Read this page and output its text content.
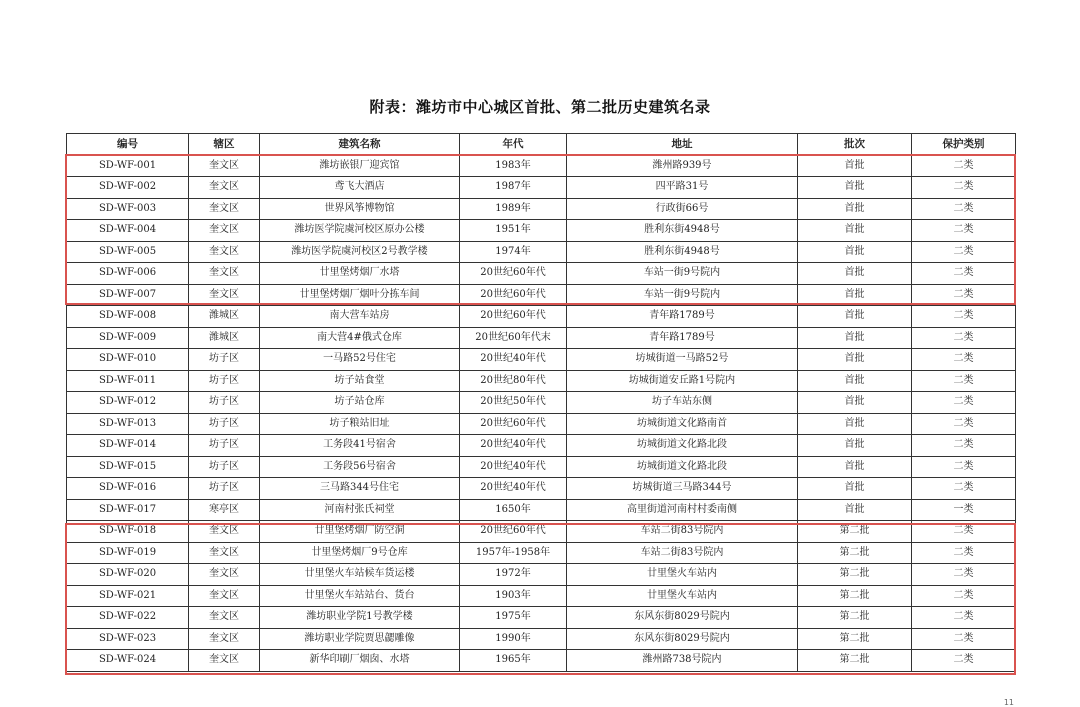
附表：潍坊市中心城区首批、第二批历史建筑名录
编号	辖区	建筑名称	年代	地址	批次	保护类别
SD-WF-001	奎文区	潍坊嵌银厂迎宾馆	1983年	潍州路939号	首批	二类
SD-WF-002	奎文区	鸢飞大酒店	1987年	四平路31号	首批	二类
SD-WF-003	奎文区	世界风筝博物馆	1989年	行政街66号	首批	二类
SD-WF-004	奎文区	潍坊医学院虞河校区原办公楼	1951年	胜利东街4948号	首批	二类
SD-WF-005	奎文区	潍坊医学院虞河校区2号教学楼	1974年	胜利东街4948号	首批	二类
SD-WF-006	奎文区	廿里堡烤烟厂水塔	20世纪60年代	车站一街9号院内	首批	二类
SD-WF-007	奎文区	廿里堡烤烟厂烟叶分拣车间	20世纪60年代	车站一街9号院内	首批	二类
SD-WF-008	潍城区	南大营车站房	20世纪60年代	青年路1789号	首批	二类
SD-WF-009	潍城区	南大营4#俄式仓库	20世纪60年代末	青年路1789号	首批	二类
SD-WF-010	坊子区	一马路52号住宅	20世纪40年代	坊城街道一马路52号	首批	二类
SD-WF-011	坊子区	坊子站食堂	20世纪80年代	坊城街道安丘路1号院内	首批	二类
SD-WF-012	坊子区	坊子站仓库	20世纪50年代	坊子车站东侧	首批	二类
SD-WF-013	坊子区	坊子粮站旧址	20世纪60年代	坊城街道文化路南首	首批	二类
SD-WF-014	坊子区	工务段41号宿舍	20世纪40年代	坊城街道文化路北段	首批	二类
SD-WF-015	坊子区	工务段56号宿舍	20世纪40年代	坊城街道文化路北段	首批	二类
SD-WF-016	坊子区	三马路344号住宅	20世纪40年代	坊城街道三马路344号	首批	二类
SD-WF-017	寒亭区	河南村张氏祠堂	1650年	高里街道河南村村委南侧	首批	一类
SD-WF-018	奎文区	廿里堡烤烟厂防空洞	20世纪60年代	车站二街83号院内	第二批	二类
SD-WF-019	奎文区	廿里堡烤烟厂9号仓库	1957年-1958年	车站二街83号院内	第二批	二类
SD-WF-020	奎文区	廿里堡火车站候车货运楼	1972年	廿里堡火车站内	第二批	二类
SD-WF-021	奎文区	廿里堡火车站站台、货台	1903年	廿里堡火车站内	第二批	二类
SD-WF-022	奎文区	潍坊职业学院1号教学楼	1975年	东风东街8029号院内	第二批	二类
SD-WF-023	奎文区	潍坊职业学院贾思勰雕像	1990年	东风东街8029号院内	第二批	二类
SD-WF-024	奎文区	新华印刷厂烟囱、水塔	1965年	潍州路738号院内	第二批	二类
11
